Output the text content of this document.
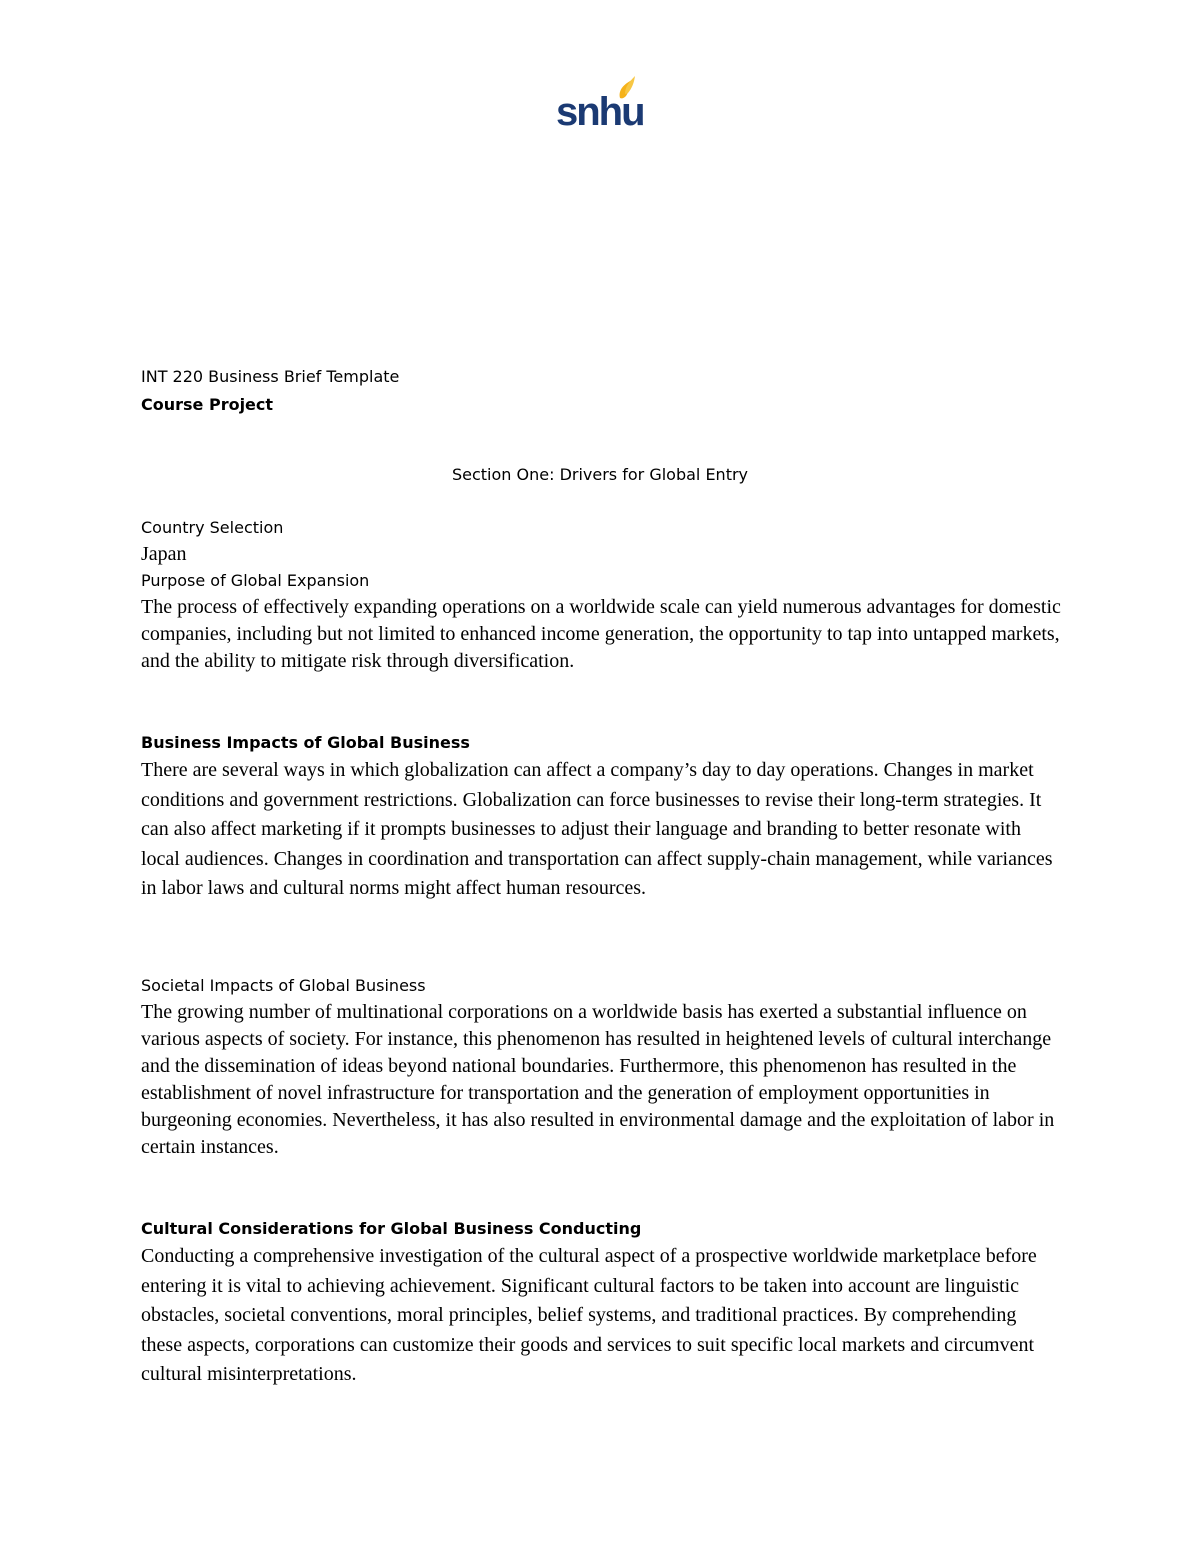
snhu
INT 220 Business Brief Template
Course Project
Section One: Drivers for Global Entry
Country Selection

Japan

Purpose of Global Expansion

The process of effectively expanding operations on a worldwide scale can yield numerous advantages for domestic companies, including but not limited to enhanced income generation, the opportunity to tap into untapped markets, and the ability to mitigate risk through diversification.

Business Impacts of Global Business

There are several ways in which globalization can affect a company’s day to day operations. Changes in market conditions and government restrictions. Globalization can force businesses to revise their long-term strategies. It can also affect marketing if it prompts businesses to adjust their language and branding to better resonate with local audiences. Changes in coordination and transportation can affect supply-chain management, while variances in labor laws and cultural norms might affect human resources.

Societal Impacts of Global Business

The growing number of multinational corporations on a worldwide basis has exerted a substantial influence on various aspects of society. For instance, this phenomenon has resulted in heightened levels of cultural interchange and the dissemination of ideas beyond national boundaries. Furthermore, this phenomenon has resulted in the establishment of novel infrastructure for transportation and the generation of employment opportunities in burgeoning economies. Nevertheless, it has also resulted in environmental damage and the exploitation of labor in certain instances.

Cultural Considerations for Global Business Conducting

Conducting a comprehensive investigation of the cultural aspect of a prospective worldwide marketplace before entering it is vital to achieving achievement. Significant cultural factors to be taken into account are linguistic obstacles, societal conventions, moral principles, belief systems, and traditional practices. By comprehending these aspects, corporations can customize their goods and services to suit specific local markets and circumvent cultural misinterpretations.
